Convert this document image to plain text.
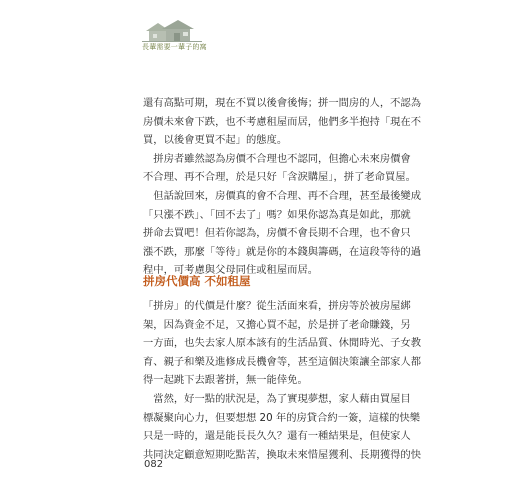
長輩需要一輩子的窩
還有高點可期，現在不買以後會後悔；拼一間房的人，不認為
房價未來會下跌，也不考慮租屋而居，他們多半抱持「現在不
買，以後會更買不起」的態度。
　拼房者雖然認為房價不合理也不認同，但擔心未來房價會
不合理、再不合理，於是只好「含淚購屋」，拼了老命買屋。
　但話說回來，房價真的會不合理、再不合理，甚至最後變成
「只漲不跌」、「回不去了」嗎？如果你認為真是如此，那就
拼命去買吧！但若你認為，房價不會長期不合理，也不會只
漲不跌，那麼「等待」就是你的本錢與籌碼，在這段等待的過
程中，可考慮與父母同住或租屋而居。
拼房代價高 不如租屋
「拼房」的代價是什麼？從生活面來看，拼房等於被房屋綁
架，因為資金不足，又擔心買不起，於是拼了老命賺錢，另
一方面，也失去家人原本該有的生活品質、休閒時光、子女教
育、親子和樂及進修成長機會等，甚至這個決策讓全部家人都
得一起跳下去跟著拼，無一能倖免。
　當然，好一點的狀況是，為了實現夢想，家人藉由買屋目
標凝聚向心力，但要想想 20 年的房貸合約一簽，這樣的快樂
只是一時的，還是能長長久久？還有一種結果是，但使家人
共同決定顧意短期吃點苦，換取未來惜屋獲利、長期獲得的快
082
